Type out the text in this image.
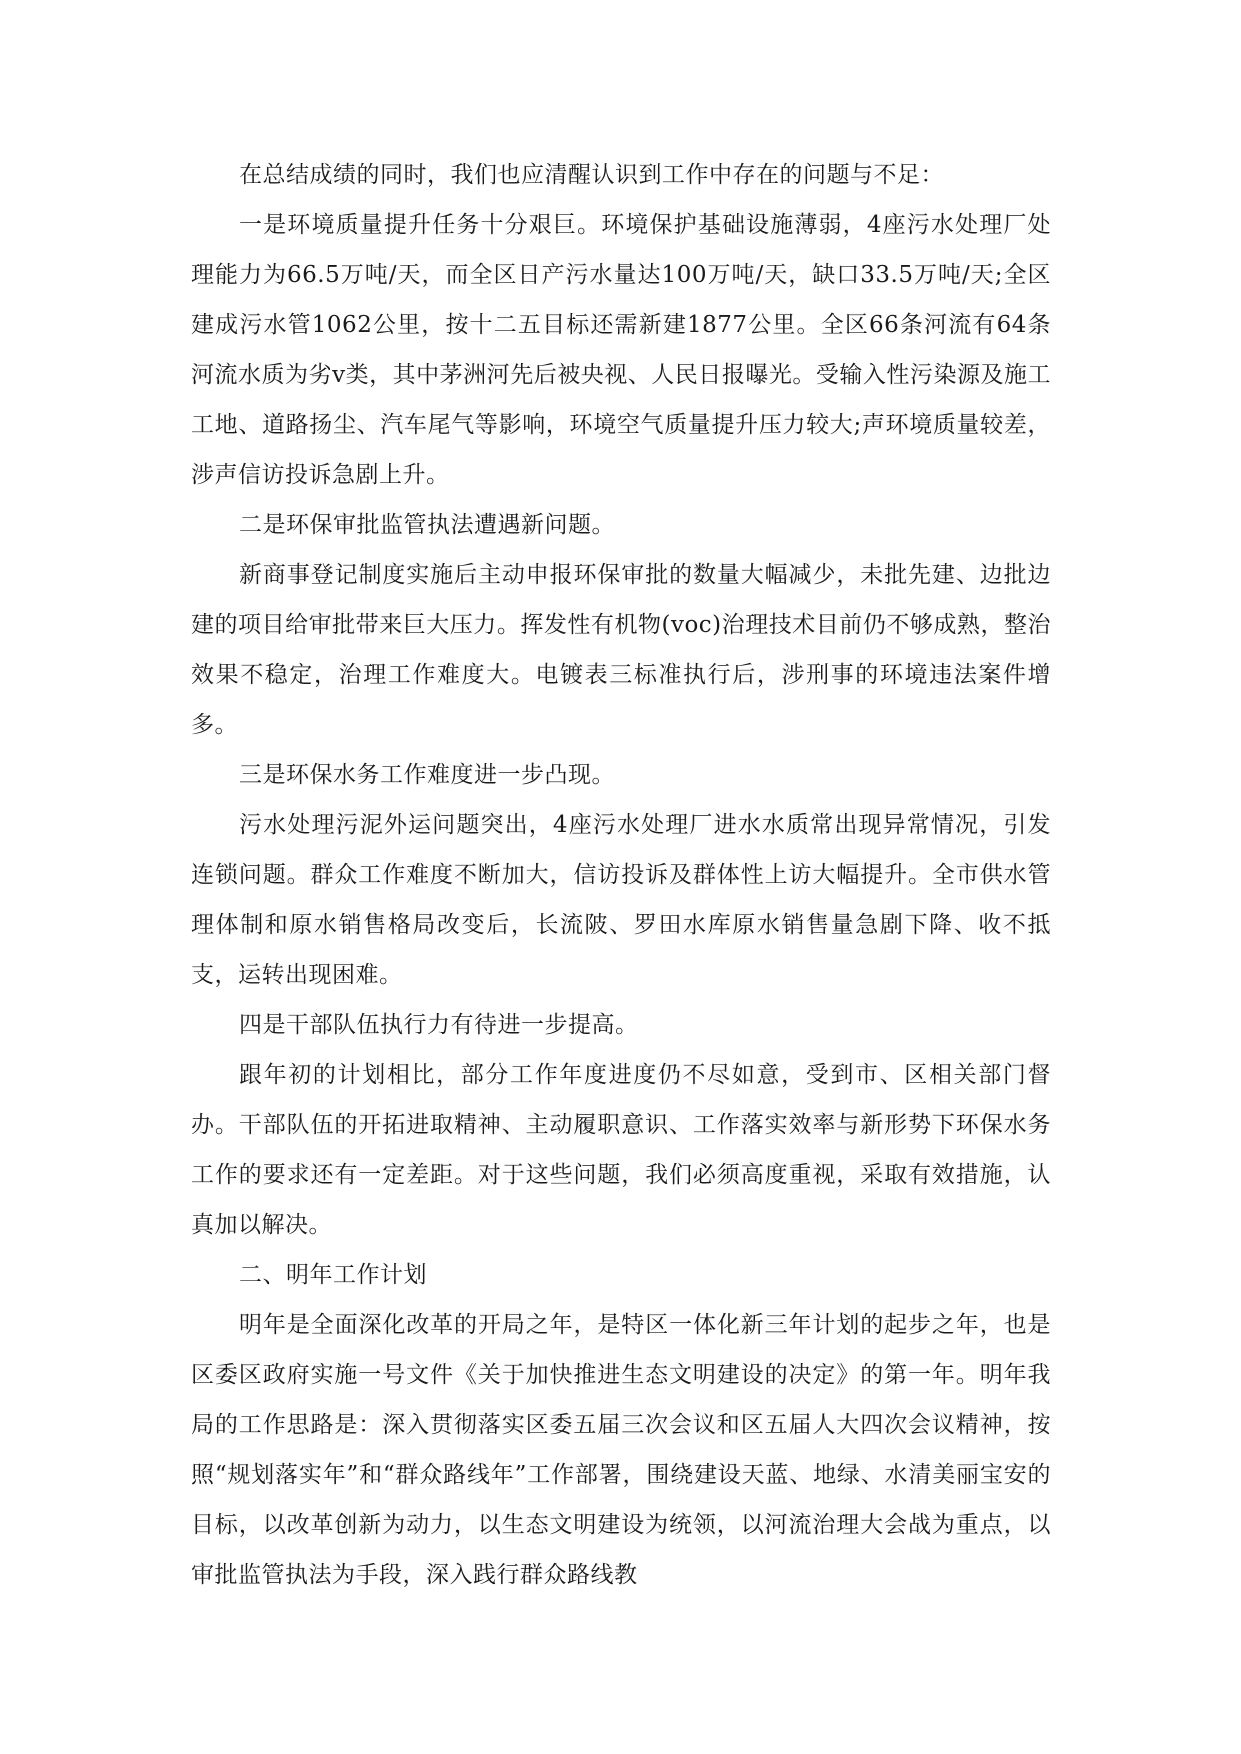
在总结成绩的同时，我们也应清醒认识到工作中存在的问题与不足：

一是环境质量提升任务十分艰巨。环境保护基础设施薄弱，4座污水处理厂处理能力为66.5万吨/天，而全区日产污水量达100万吨/天，缺口33.5万吨/天;全区建成污水管1062公里，按十二五目标还需新建1877公里。全区66条河流有64条河流水质为劣v类，其中茅洲河先后被央视、人民日报曝光。受输入性污染源及施工工地、道路扬尘、汽车尾气等影响，环境空气质量提升压力较大;声环境质量较差，涉声信访投诉急剧上升。

二是环保审批监管执法遭遇新问题。

新商事登记制度实施后主动申报环保审批的数量大幅减少，未批先建、边批边建的项目给审批带来巨大压力。挥发性有机物(voc)治理技术目前仍不够成熟，整治效果不稳定，治理工作难度大。电镀表三标准执行后，涉刑事的环境违法案件增多。

三是环保水务工作难度进一步凸现。

污水处理污泥外运问题突出，4座污水处理厂进水水质常出现异常情况，引发连锁问题。群众工作难度不断加大，信访投诉及群体性上访大幅提升。全市供水管理体制和原水销售格局改变后，长流陂、罗田水库原水销售量急剧下降、收不抵支，运转出现困难。

四是干部队伍执行力有待进一步提高。

跟年初的计划相比，部分工作年度进度仍不尽如意，受到市、区相关部门督办。干部队伍的开拓进取精神、主动履职意识、工作落实效率与新形势下环保水务工作的要求还有一定差距。对于这些问题，我们必须高度重视，采取有效措施，认真加以解决。

二、明年工作计划

明年是全面深化改革的开局之年，是特区一体化新三年计划的起步之年，也是区委区政府实施一号文件《关于加快推进生态文明建设的决定》的第一年。明年我局的工作思路是：深入贯彻落实区委五届三次会议和区五届人大四次会议精神，按照“规划落实年”和“群众路线年”工作部署，围绕建设天蓝、地绿、水清美丽宝安的目标，以改革创新为动力，以生态文明建设为统领，以河流治理大会战为重点，以审批监管执法为手段，深入践行群众路线教
